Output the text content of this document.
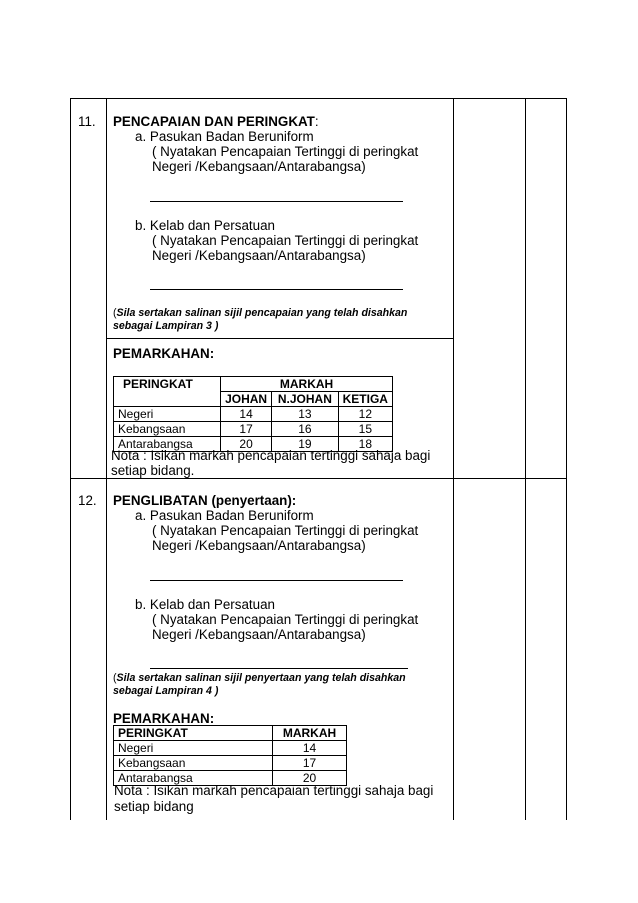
11. PENCAPAIAN DAN PERINGKAT:
a. Pasukan Badan Beruniform
( Nyatakan Pencapaian Tertinggi di peringkat
Negeri /Kebangsaan/Antarabangsa)
b. Kelab dan Persatuan
( Nyatakan Pencapaian Tertinggi di peringkat
Negeri /Kebangsaan/Antarabangsa)
(Sila sertakan salinan sijil pencapaian yang telah disahkan
sebagai Lampiran 3 )
PEMARKAHAN:
PERINGKAT	MARKAH		
	JOHAN	N.JOHAN	KETIGA
Negeri	14	13	12
Kebangsaan	17	16	15
Antarabangsa	20	19	18
Nota : Isikan markah pencapaian tertinggi sahaja bagi
setiap bidang.
12. PENGLIBATAN (penyertaan):
a. Pasukan Badan Beruniform
( Nyatakan Pencapaian Tertinggi di peringkat
Negeri /Kebangsaan/Antarabangsa)
b. Kelab dan Persatuan
( Nyatakan Pencapaian Tertinggi di peringkat
Negeri /Kebangsaan/Antarabangsa)
(Sila sertakan salinan sijil penyertaan yang telah disahkan
sebagai Lampiran 4 )
PEMARKAHAN:
PERINGKAT	MARKAH
Negeri	14
Kebangsaan	17
Antarabangsa	20
Nota : Isikan markah pencapaian tertinggi sahaja bagi
setiap bidang
